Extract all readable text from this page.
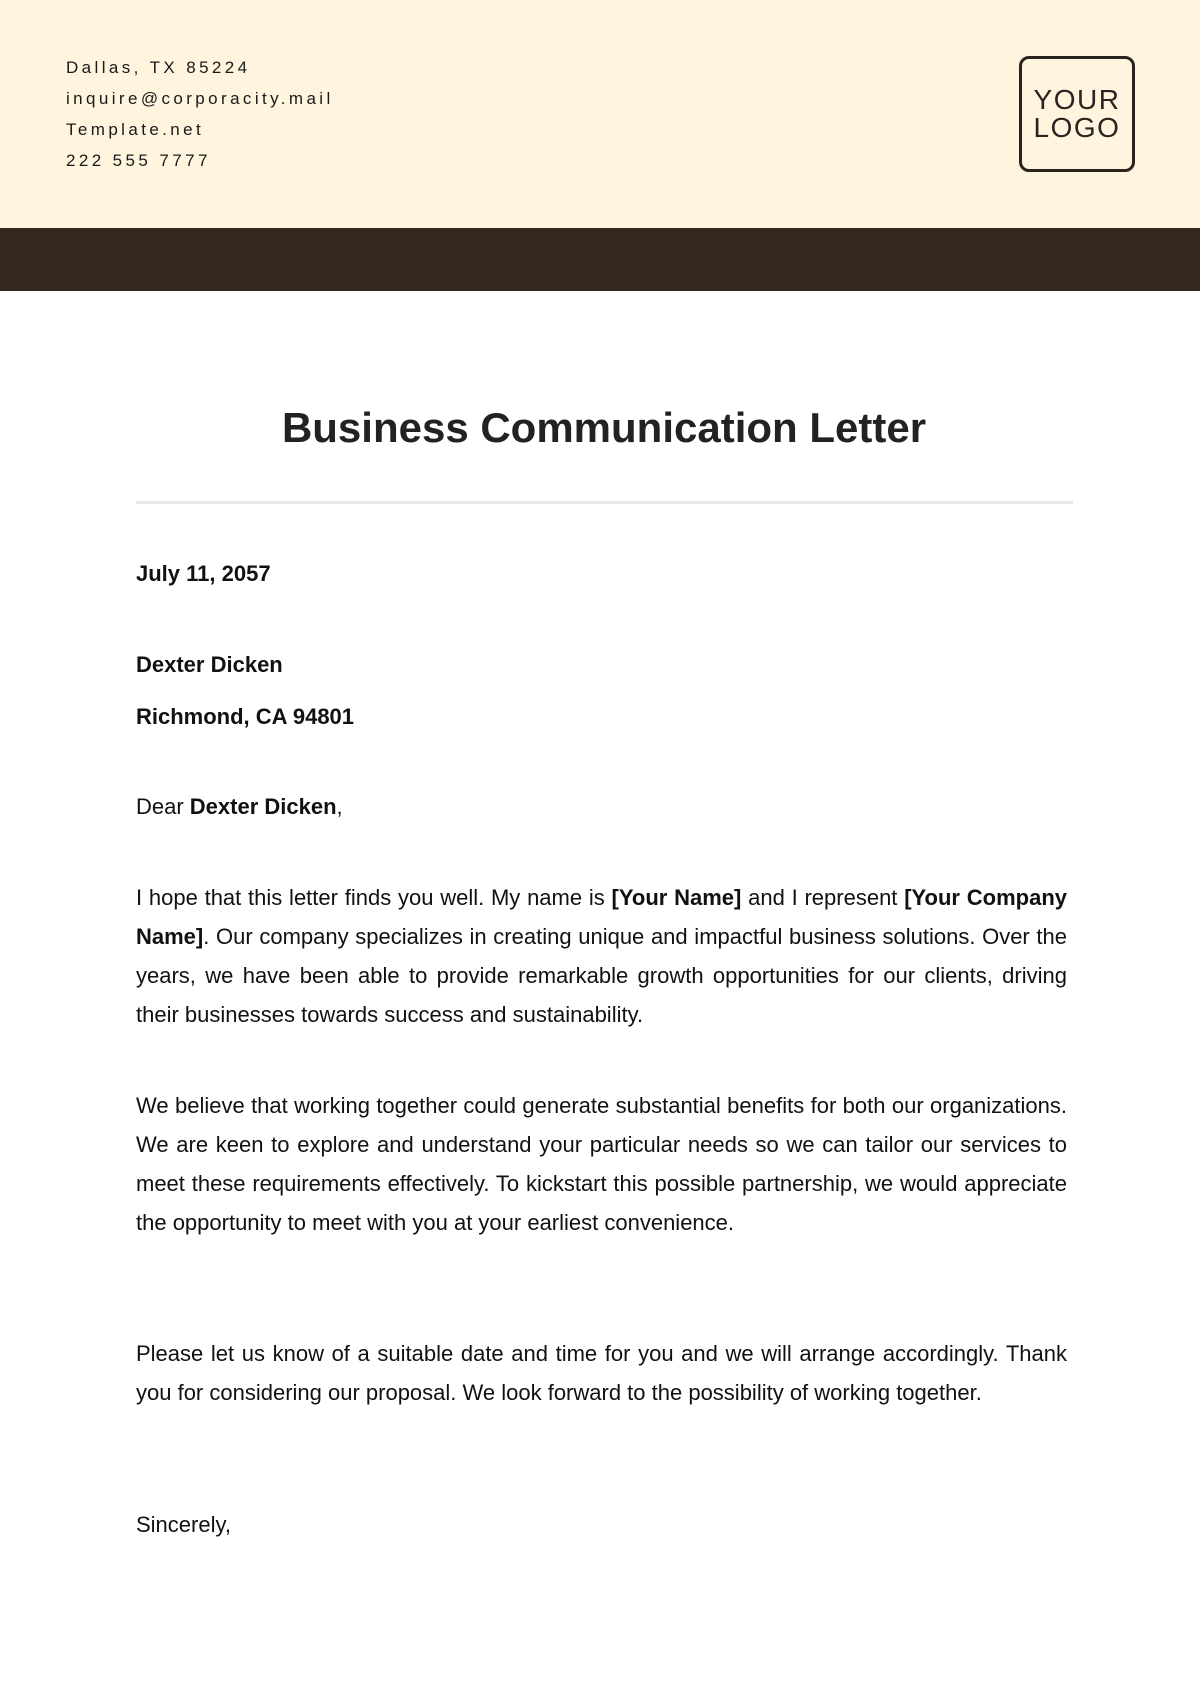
Dallas, TX 85224
inquire@corporacity.mail
Template.net
222 555 7777
YOUR
LOGO
Business Communication Letter
July 11, 2057
Dexter Dicken
Richmond, CA 94801
Dear Dexter Dicken,
I hope that this letter finds you well. My name is [Your Name] and I represent [Your Company Name]. Our company specializes in creating unique and impactful business solutions. Over the years, we have been able to provide remarkable growth opportunities for our clients, driving their businesses towards success and sustainability.
We believe that working together could generate substantial benefits for both our organizations. We are keen to explore and understand your particular needs so we can tailor our services to meet these requirements effectively. To kickstart this possible partnership, we would appreciate the opportunity to meet with you at your earliest convenience.
Please let us know of a suitable date and time for you and we will arrange accordingly. Thank you for considering our proposal. We look forward to the possibility of working together.
Sincerely,
